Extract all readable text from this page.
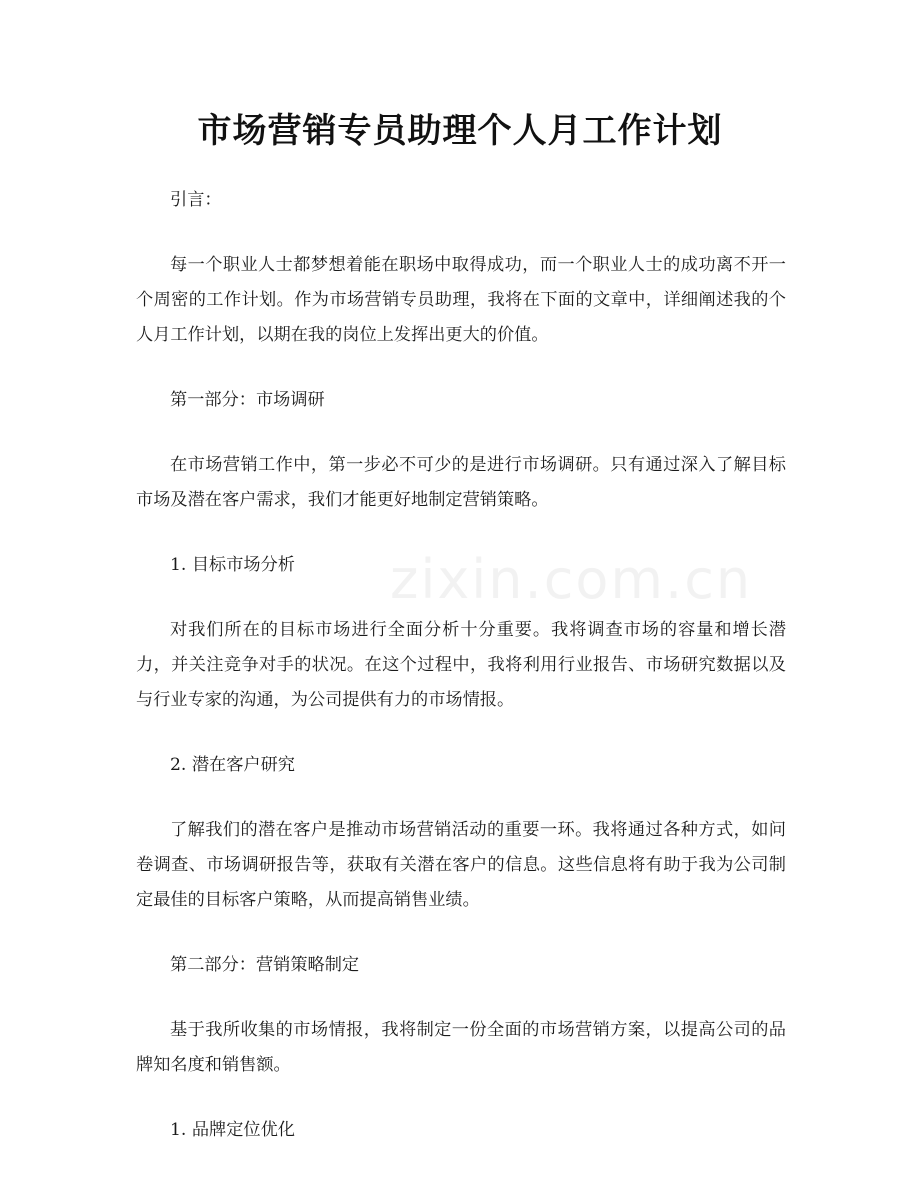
市场营销专员助理个人月工作计划

引言：

每一个职业人士都梦想着能在职场中取得成功，而一个职业人士的成功离不开一个周密的工作计划。作为市场营销专员助理，我将在下面的文章中，详细阐述我的个人月工作计划，以期在我的岗位上发挥出更大的价值。

第一部分：市场调研

在市场营销工作中，第一步必不可少的是进行市场调研。只有通过深入了解目标市场及潜在客户需求，我们才能更好地制定营销策略。

1. 目标市场分析

对我们所在的目标市场进行全面分析十分重要。我将调查市场的容量和增长潜力，并关注竞争对手的状况。在这个过程中，我将利用行业报告、市场研究数据以及与行业专家的沟通，为公司提供有力的市场情报。

2. 潜在客户研究

了解我们的潜在客户是推动市场营销活动的重要一环。我将通过各种方式，如问卷调查、市场调研报告等，获取有关潜在客户的信息。这些信息将有助于我为公司制定最佳的目标客户策略，从而提高销售业绩。

第二部分：营销策略制定

基于我所收集的市场情报，我将制定一份全面的市场营销方案，以提高公司的品牌知名度和销售额。

1. 品牌定位优化

zixin.com.cn
